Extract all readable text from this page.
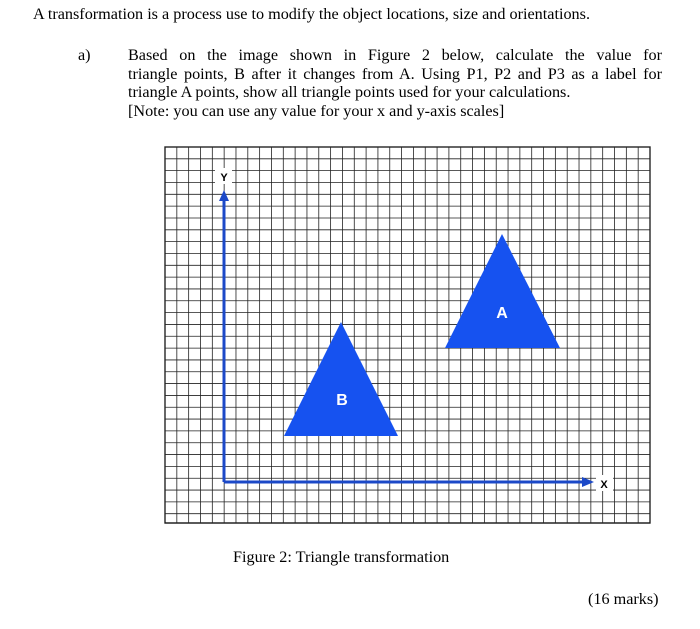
A transformation is a process use to modify the object locations, size and orientations.
a) Based on the image shown in Figure 2 below, calculate the value for
triangle points, B after it changes from A. Using P1, P2 and P3 as a label for
triangle A points, show all triangle points used for your calculations.
[Note: you can use any value for your x and y-axis scales]
A
B
Y
X
Figure 2: Triangle transformation
(16 marks)
